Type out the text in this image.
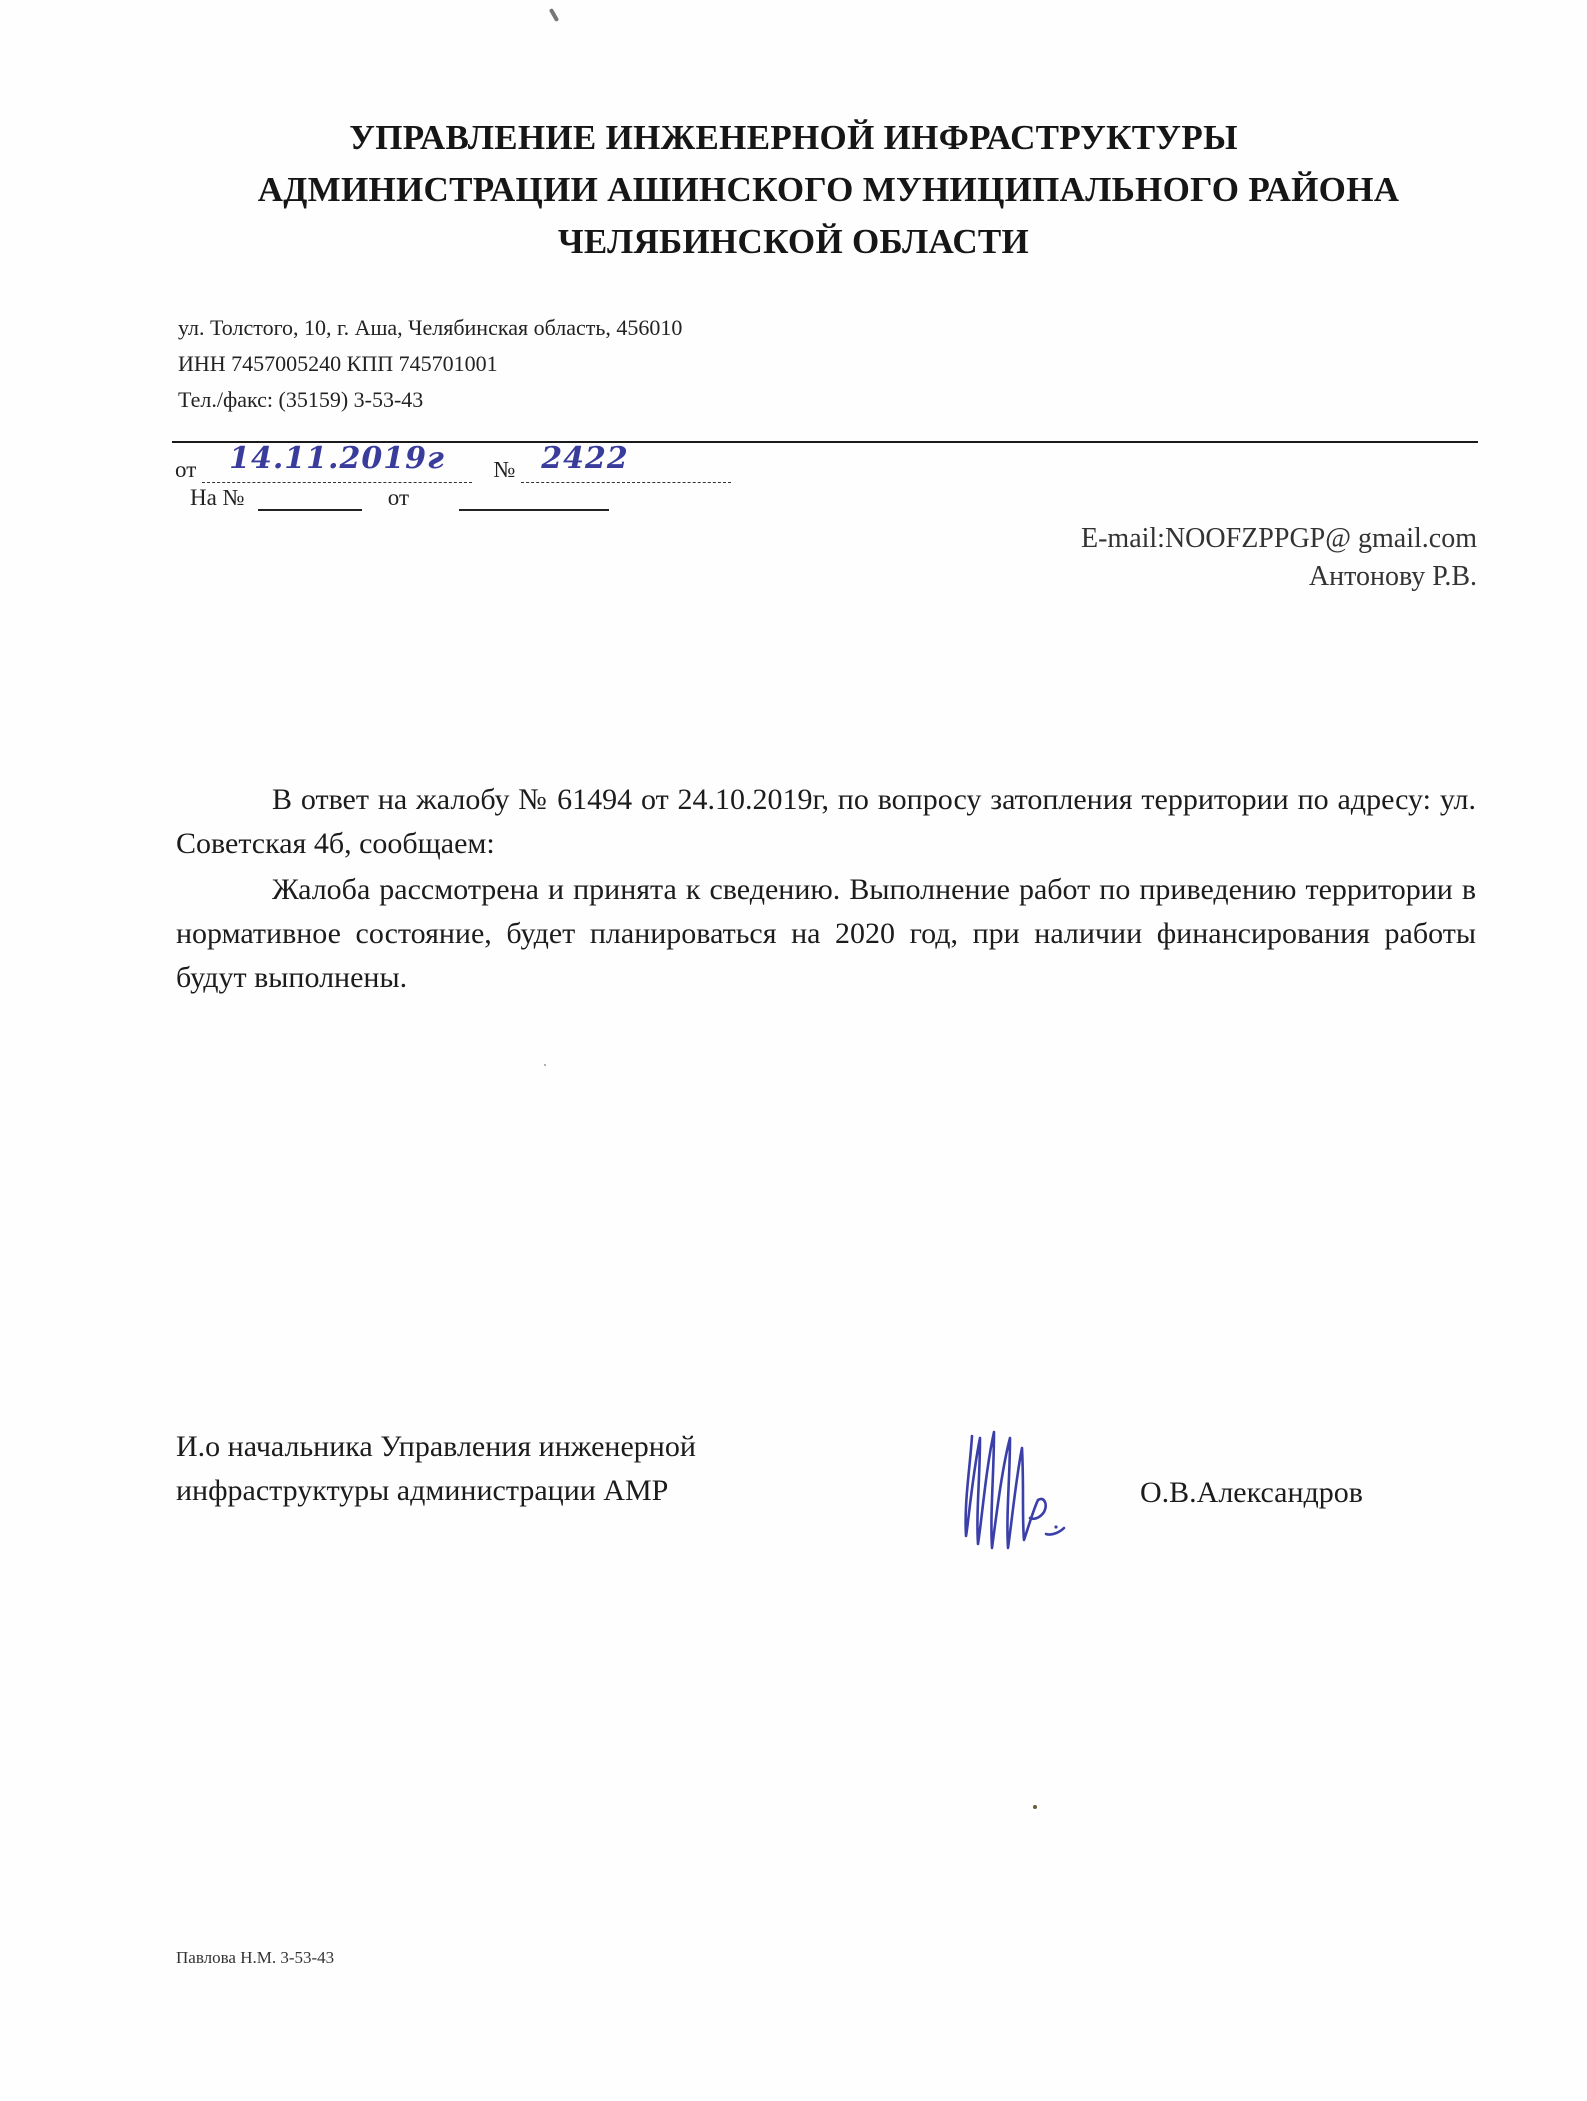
УПРАВЛЕНИЕ ИНЖЕНЕРНОЙ ИНФРАСТРУКТУРЫ
АДМИНИСТРАЦИИ АШИНСКОГО МУНИЦИПАЛЬНОГО РАЙОНА
ЧЕЛЯБИНСКОЙ ОБЛАСТИ
ул. Толстого, 10, г. Аша, Челябинская область, 456010
ИНН 7457005240 КПП 745701001
Тел./факс: (35159) 3-53-43
от 14.11.2019г № 2422
На №	от
E-mail:NOOFZPPGP@ gmail.com
Антонову Р.В.

В ответ на жалобу № 61494 от 24.10.2019г, по вопросу затопления территории по адресу: ул. Советская 4б, сообщаем:

Жалоба рассмотрена и принята к сведению. Выполнение работ по приведению территории в нормативное состояние, будет планироваться на 2020 год, при наличии финансирования работы будут выполнены.

И.о начальника Управления инженерной
инфраструктуры администрации АМР	О.В.Александров
Павлова Н.М. 3-53-43
